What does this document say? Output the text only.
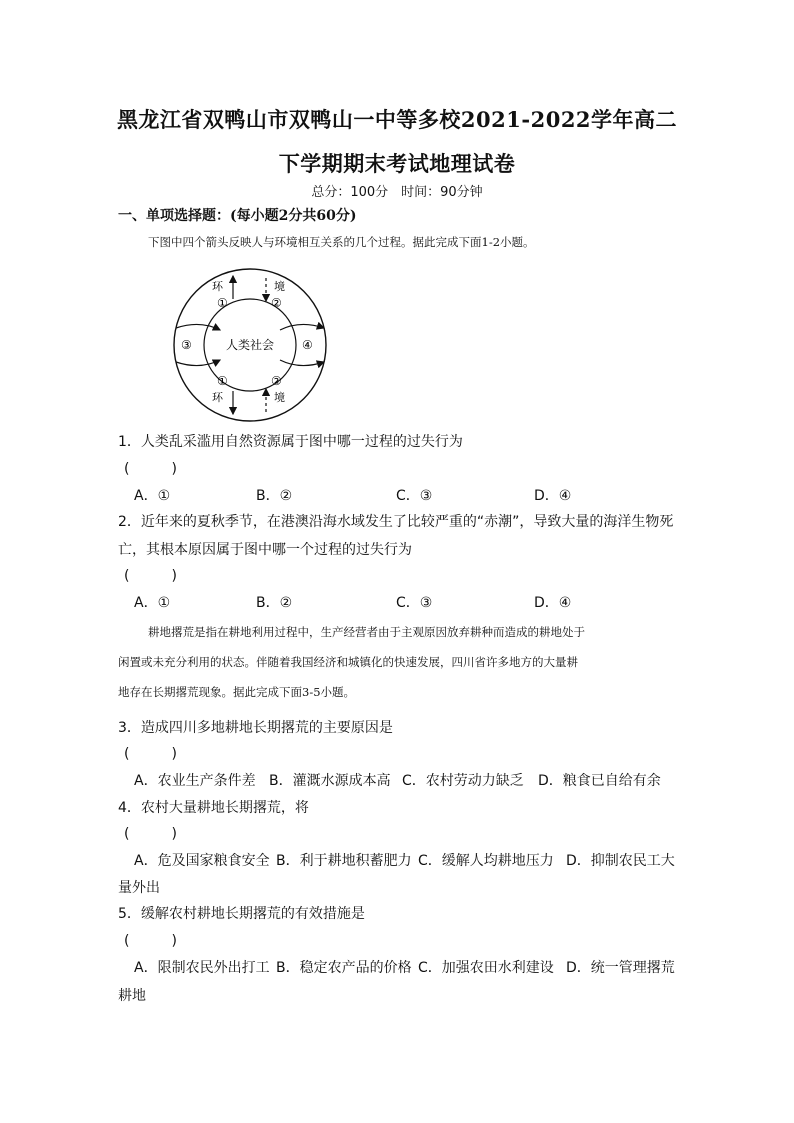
黑龙江省双鸭山市双鸭山一中等多校2021-2022学年高二
下学期期末考试地理试卷
总分：100分　时间：90分钟
一、单项选择题：(每小题2分共60分)
下图中四个箭头反映人与环境相互关系的几个过程。据此完成下面1-2小题。
环	境
①	②
③	④
人类社会
①	②
环	境
1．人类乱采滥用自然资源属于图中哪一过程的过失行为
(　　　)
A．①	B．②	C．③	D．④
2．近年来的夏秋季节，在港澳沿海水域发生了比较严重的“赤潮”，导致大量的海洋生物死
亡，其根本原因属于图中哪一个过程的过失行为
(　　　)
A．①	B．②	C．③	D．④
耕地撂荒是指在耕地利用过程中，生产经营者由于主观原因放弃耕种而造成的耕地处于
闲置或未充分利用的状态。伴随着我国经济和城镇化的快速发展，四川省许多地方的大量耕
地存在长期撂荒现象。据此完成下面3-5小题。
3．造成四川多地耕地长期撂荒的主要原因是
(　　　)
A．农业生产条件差 B．灌溉水源成本高 C．农村劳动力缺乏 D．粮食已自给有余
4．农村大量耕地长期撂荒，将
(　　　)
A．危及国家粮食安全 B．利于耕地积蓄肥力 C．缓解人均耕地压力 D．抑制农民工大
量外出
5．缓解农村耕地长期撂荒的有效措施是
(　　　)
A．限制农民外出打工 B．稳定农产品的价格 C．加强农田水利建设 D．统一管理撂荒
耕地
